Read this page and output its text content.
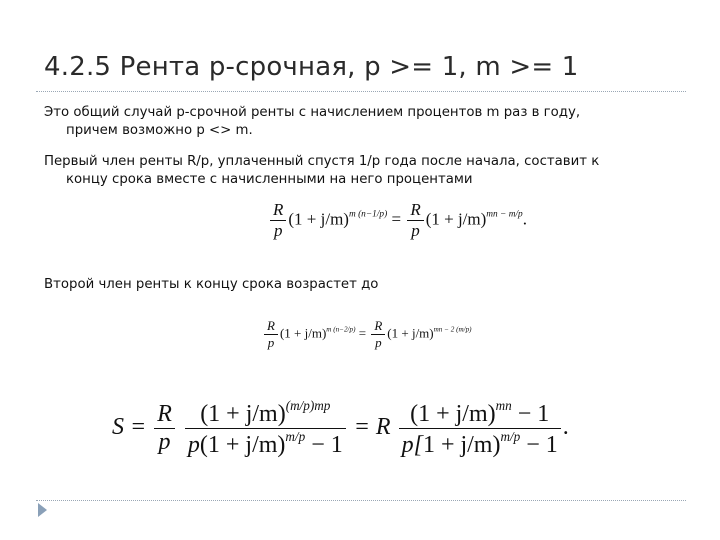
4.2.5 Рента р-срочная, р >= 1, m >= 1
Это общий случай р-срочной ренты с начислением процентов m раз в году,
причем возможно р <> m.
Первый член ренты R/p, уплаченный спустя 1/р года после начала, составит к
концу срока вместе с начисленными на него процентами
$\frac{R}{p} (1 + j/m)^{m (n-1/p)} = \frac{R}{p} (1 + j/m)^{mn - m/p}$.
Второй член ренты к концу срока возрастет до
$\frac{R}{p} (1 + j/m)^{m (n-2/p)} = \frac{R}{p} (1 + j/m)^{mn - 2 (m/p)}$
$S = \frac{R}{p}$
$\frac{(1 + j/m)^{(m/p)mp}}{p(1 + j/m)^{m/p} - 1} = R \frac{(1 + j/m)^{mn} - 1}{p[1 + j/m)^{m/p} - 1}$ .
